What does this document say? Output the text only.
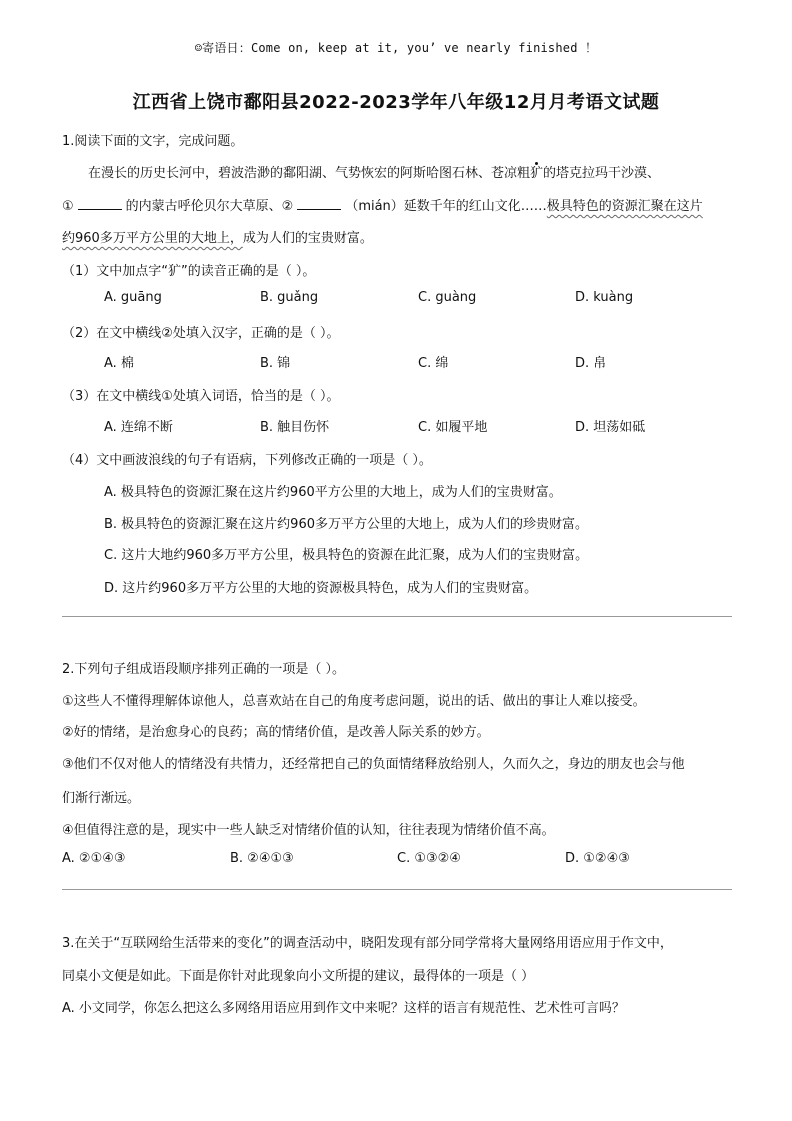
☺寄语日：Come on, keep at it, you’ ve nearly finished ！
江西省上饶市鄱阳县2022-2023学年八年级12月月考语文试题
1.阅读下面的文字，完成问题。
在漫长的历史长河中，碧波浩渺的鄱阳湖、气势恢宏的阿斯哈图石林、苍凉粗犷的塔克拉玛干沙漠、
①	的内蒙古呼伦贝尔大草原、②	（mián）延数千年的红山文化……极具特色的资源汇聚在这片
约960多万平方公里的大地上，成为人们的宝贵财富。
（1）文中加点字“犷”的读音正确的是（ ）。
A. guāng	B. guǎng	C. guàng	D. kuàng
（2）在文中横线②处填入汉字，正确的是（ ）。
A. 棉	B. 锦	C. 绵	D. 帛
（3）在文中横线①处填入词语，恰当的是（ ）。
A. 连绵不断	B. 触目伤怀	C. 如履平地	D. 坦荡如砥
（4）文中画波浪线的句子有语病，下列修改正确的一项是（ ）。
A. 极具特色的资源汇聚在这片约960平方公里的大地上，成为人们的宝贵财富。
B. 极具特色的资源汇聚在这片约960多万平方公里的大地上，成为人们的珍贵财富。
C. 这片大地约960多万平方公里，极具特色的资源在此汇聚，成为人们的宝贵财富。
D. 这片约960多万平方公里的大地的资源极具特色，成为人们的宝贵财富。
2.下列句子组成语段顺序排列正确的一项是（ ）。
①这些人不懂得理解体谅他人，总喜欢站在自己的角度考虑问题，说出的话、做出的事让人难以接受。
②好的情绪，是治愈身心的良药；高的情绪价值，是改善人际关系的妙方。
③他们不仅对他人的情绪没有共情力，还经常把自己的负面情绪释放给别人，久而久之，身边的朋友也会与他
们渐行渐远。
④但值得注意的是，现实中一些人缺乏对情绪价值的认知，往往表现为情绪价值不高。
A. ②①④③	B. ②④①③	C. ①③②④	D. ①②④③
3.在关于“互联网给生活带来的变化”的调查活动中，晓阳发现有部分同学常将大量网络用语应用于作文中，
同桌小文便是如此。下面是你针对此现象向小文所提的建议，最得体的一项是（ ）
A. 小文同学，你怎么把这么多网络用语应用到作文中来呢？这样的语言有规范性、艺术性可言吗？
